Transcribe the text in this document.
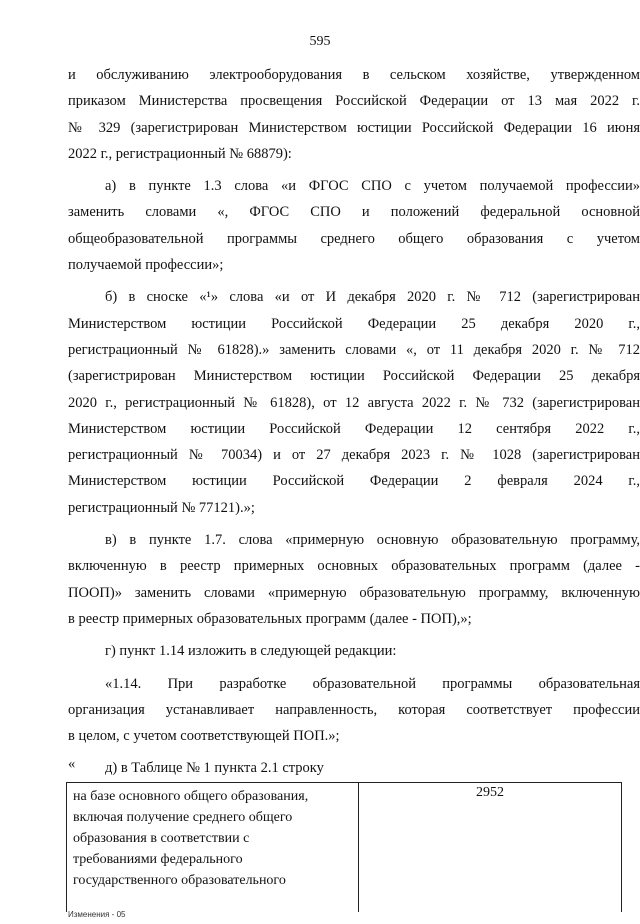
595
и обслуживанию электрооборудования в сельском хозяйстве, утвержденном
приказом Министерства просвещения Российской Федерации от 13 мая 2022 г.
№ 329 (зарегистрирован Министерством юстиции Российской Федерации 16 июня
2022 г., регистрационный № 68879):
а) в пункте 1.3 слова «и ФГОС СПО с учетом получаемой профессии»
заменить словами «, ФГОС СПО и положений федеральной основной
общеобразовательной программы среднего общего образования с учетом
получаемой профессии»;
б) в сноске «¹» слова «и от И декабря 2020 г. № 712 (зарегистрирован
Министерством юстиции Российской Федерации 25 декабря 2020 г.,
регистрационный № 61828).» заменить словами «, от 11 декабря 2020 г. № 712
(зарегистрирован Министерством юстиции Российской Федерации 25 декабря
2020 г., регистрационный № 61828), от 12 августа 2022 г. № 732 (зарегистрирован
Министерством юстиции Российской Федерации 12 сентября 2022 г.,
регистрационный № 70034) и от 27 декабря 2023 г. № 1028 (зарегистрирован
Министерством юстиции Российской Федерации 2 февраля 2024 г.,
регистрационный № 77121).»;
в) в пункте 1.7. слова «примерную основную образовательную программу,
включенную в реестр примерных основных образовательных программ (далее -
ПООП)» заменить словами «примерную образовательную программу, включенную
в реестр примерных образовательных программ (далее - ПОП),»;
г) пункт 1.14 изложить в следующей редакции:
«1.14. При разработке образовательной программы образовательная
организация устанавливает направленность, которая соответствует профессии
в целом, с учетом соответствующей ПОП.»;
д) в Таблице № 1 пункта 2.1 строку
«
на базе основного общего образования,
включая получение среднего общего
образования в соответствии с
требованиями федерального
государственного образовательного
2952
Изменения - 05
